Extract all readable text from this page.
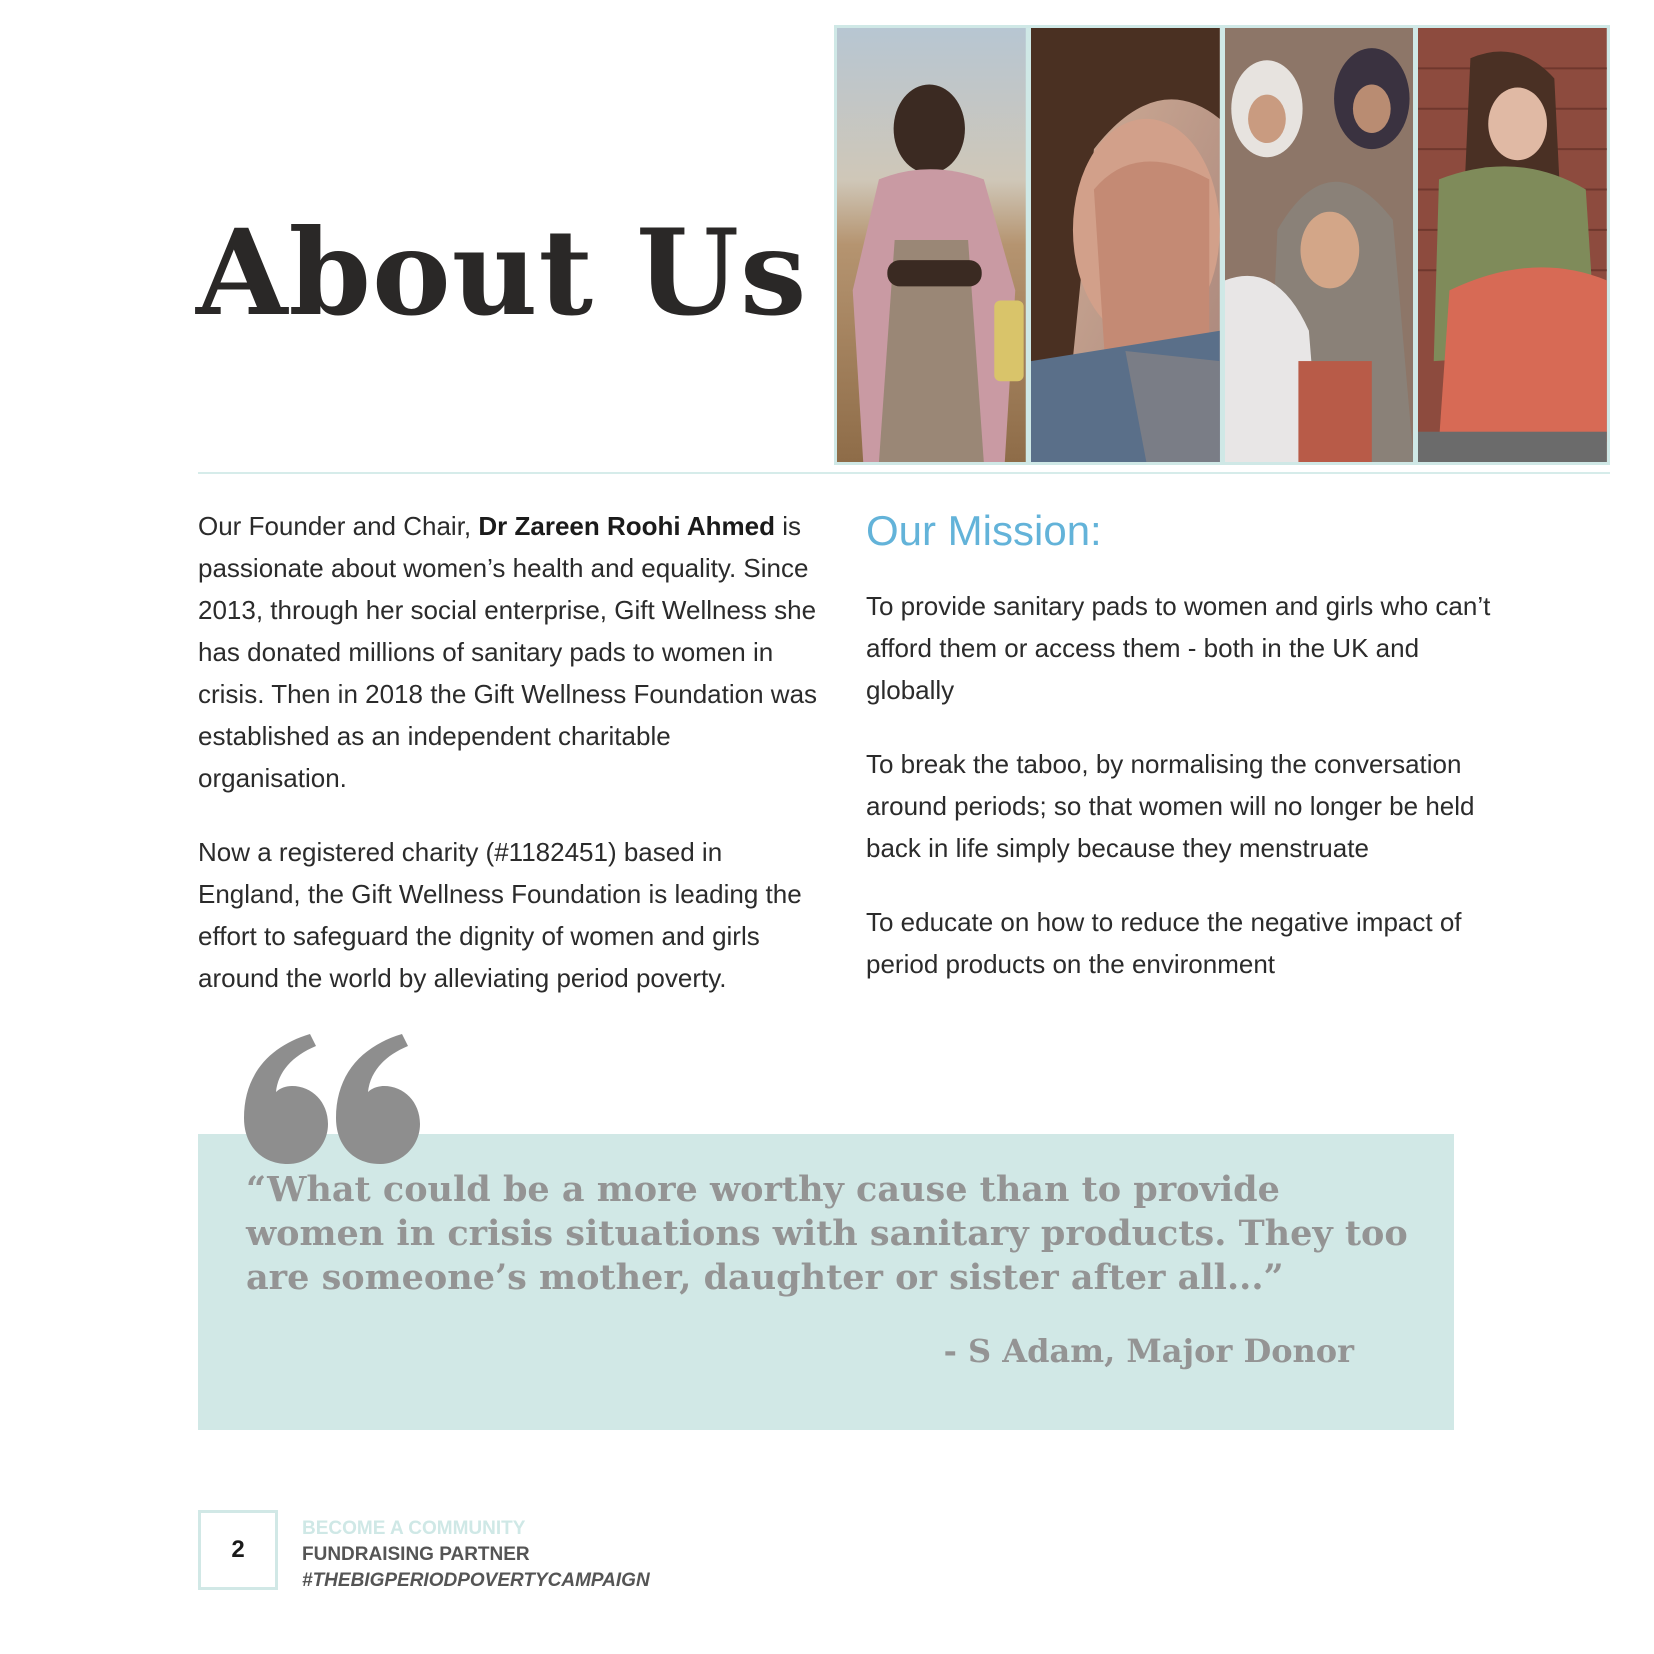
About Us

Our Founder and Chair, Dr Zareen Roohi Ahmed is passionate about women’s health and equality. Since 2013, through her social enterprise, Gift Wellness she has donated millions of sanitary pads to women in crisis. Then in 2018 the Gift Wellness Foundation was established as an independent charitable organisation.

Now a registered charity (#1182451) based in England, the Gift Wellness Foundation is leading the effort to safeguard the dignity of women and girls around the world by alleviating period poverty.

Our Mission:

To provide sanitary pads to women and girls who can’t afford them or access them - both in the UK and globally

To break the taboo, by normalising the conversation around periods; so that women will no longer be held back in life simply because they menstruate

To educate on how to reduce the negative impact of period products on the environment

“What could be a more worthy cause than to provide women in crisis situations with sanitary products. They too are someone’s mother, daughter or sister after all...”

- S Adam, Major Donor

2
BECOME A COMMUNITY
FUNDRAISING PARTNER
#THEBIGPERIODPOVERTYCAMPAIGN
